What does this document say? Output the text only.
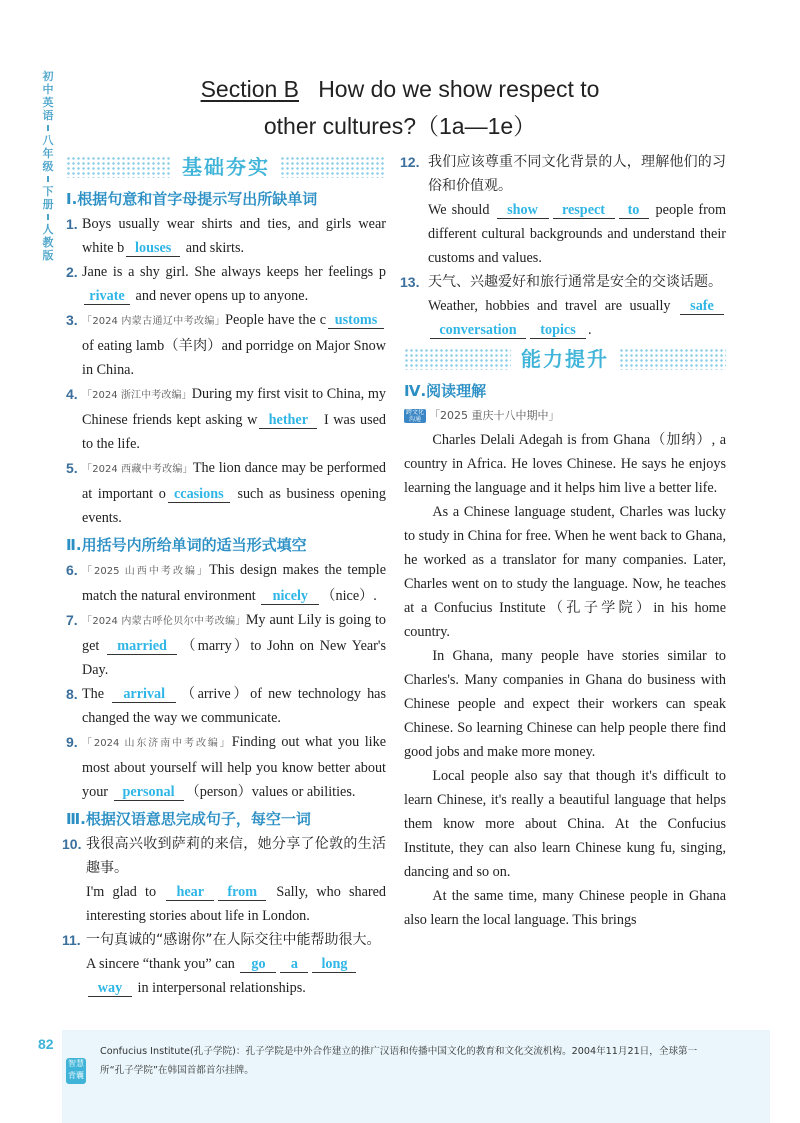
初
中
英
语
八
年
级
下
册
人
教
版
Section B How do we show respect to
other cultures?（1a—1e）
基础夯实
Ⅰ.根据句意和首字母提示写出所缺单词
1. Boys usually wear shirts and ties, and girls wear white b louses and skirts.
2. Jane is a shy girl. She always keeps her feelings private and never opens up to anyone.
3. 「2024 内蒙古通辽中考改编」People have the c ustoms of eating lamb（羊肉）and porridge on Major Snow in China.
4. 「2024 浙江中考改编」During my first visit to China, my Chinese friends kept asking w hether I was used to the life.
5. 「2024 西藏中考改编」The lion dance may be performed at important o ccasions such as business opening events.
Ⅱ.用括号内所给单词的适当形式填空
6. 「2025 山西中考改编」This design makes the temple match the natural environment nicely （nice）.
7. 「2024 内蒙古呼伦贝尔中考改编」My aunt Lily is going to get married （marry）to John on New Year's Day.
8. The arrival （arrive）of new technology has changed the way we communicate.
9. 「2024 山东济南中考改编」Finding out what you like most about yourself will help you know better about your personal （person）values or abilities.
Ⅲ.根据汉语意思完成句子，每空一词
10. 我很高兴收到萨莉的来信，她分享了伦敦的生活趣事。
I'm glad to hear from Sally, who shared interesting stories about life in London.
11. 一句真诚的“感谢你”在人际交往中能帮助很大。
A sincere “thank you” can go a long
way in interpersonal relationships.
12. 我们应该尊重不同文化背景的人，理解他们的习俗和价值观。
We should show respect to people from different cultural backgrounds and understand their customs and values.
13. 天气、兴趣爱好和旅行通常是安全的交谈话题。
Weather, hobbies and travel are usually safeconversation topics .
能力提升
Ⅳ.阅读理解
跨文化沟通 「2025 重庆十八中期中」

Charles Delali Adegah is from Ghana（加纳）, a country in Africa. He loves Chinese. He says he enjoys learning the language and it helps him live a better life.

As a Chinese language student, Charles was lucky to study in China for free. When he went back to Ghana, he worked as a translator for many companies. Later, Charles went on to study the language. Now, he teaches at a Confucius Institute（孔子学院）in his home country.

In Ghana, many people have stories similar to Charles's. Many companies in Ghana do business with Chinese people and expect their workers can speak Chinese. So learning Chinese can help people there find good jobs and make more money.

Local people also say that though it's difficult to learn Chinese, it's really a beautiful language that helps them know more about China. At the Confucius Institute, they can also learn Chinese kung fu, singing, dancing and so on.

At the same time, many Chinese people in Ghana also learn the local language. This brings

82
智慧背囊
Confucius Institute(孔子学院)：孔子学院是中外合作建立的推广汉语和传播中国文化的教育和文化交流机构。2004年11月21日，全球第一所“孔子学院”在韩国首都首尔挂牌。
